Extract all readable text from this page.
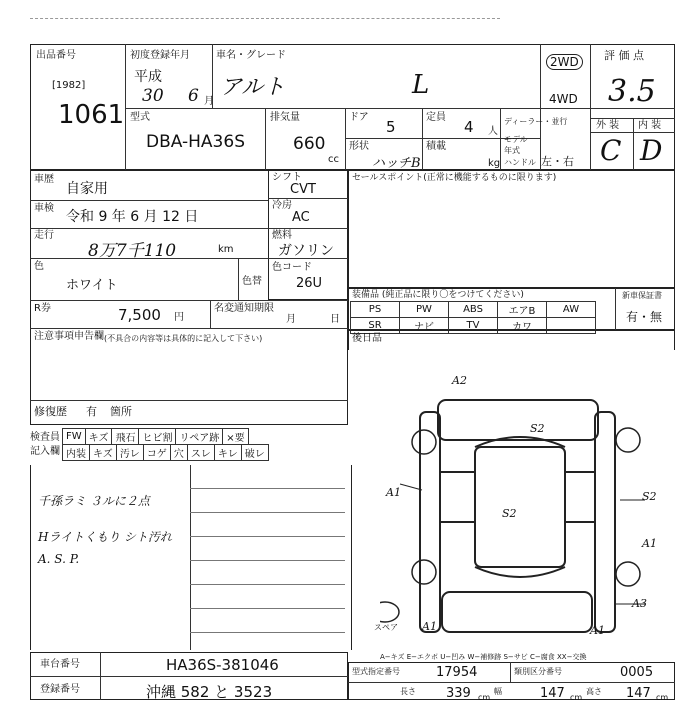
出品番号
[1982]
1061
初度登録年月
平成
30 6 月
車名・グレード
アルト	L
2WD
4WD
評 価 点
3.5
外 装 内 装
C D
型式
DBA-HA36S
排気量
660
cc
ドア
5
定員
4 人
形状
ハッチB
積載
kg
ディーラー・並行
モデル年式
ハンドル 左・右
車歴
自家用
車検
令和 9 年 6 月 12 日
走行
8万7千110	km
色
ホワイト	色替
R券	7,500 円
名変通知期限
月	日
注意事項申告欄 (不具合の内容等は具体的に記入して下さい)
修復歴 有 箇所
シフト
CVT
冷房
AC
燃料
ガソリン
色コード
26U
セールスポイント(正常に機能するものに限ります)
装備品 (純正品に限り〇をつけてください)	新車保証書
有・無
PS	PW	ABS	エアB	AW
SR	ナビ	TV	カワ	
後日品
検査員
記入欄
FW	キズ	飛石	ヒビ割	リペア跡	×要
内装	キズ	汚レ	コゲ	穴	スレ	キレ	破レ
千孫ラミ ３ルに２点
Hライトくもり シト汚れ
A. S. P.
A2
S2
A1
S2
S2
A1
A1
A3
A1
スペア
A−キズ E−エクボ U−凹み W−補修跡 S−サビ C−腐食 XX−交換
車台番号	HA36S-381046
登録番号	沖縄 582 と 3523
型式指定番号	17954	類別区分番号	0005
長さ 339 cm
幅	147 cm
高さ 147 cm
